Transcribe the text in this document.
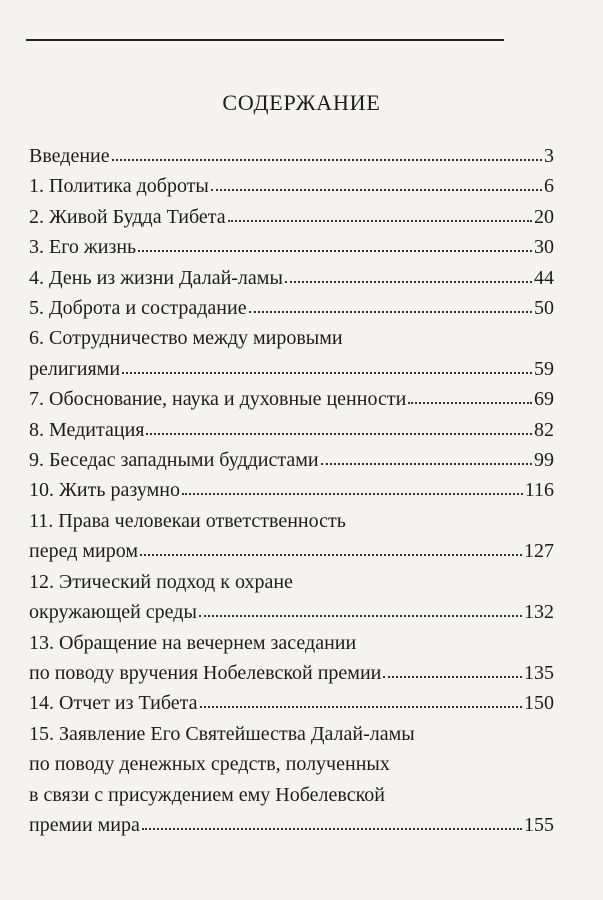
СОДЕРЖАНИЕ
Введение	3
1. Политика доброты	6
2. Живой Будда Тибета	20
3. Его жизнь	30
4. День из жизни Далай-ламы	44
5. Доброта и сострадание	50
6. Сотрудничество между мировыми
религиями	59
7. Обоснование, наука и духовные ценности	69
8. Медитация	82
9. Беседас западными буддистами	99
10. Жить разумно	116
11. Права человекаи ответственность
перед миром	127
12. Этический подход к охране
окружающей среды	132
13. Обращение на вечернем заседании
по поводу вручения Нобелевской премии	135
14. Отчет из Тибета	150
15. Заявление Его Святейшества Далай-ламы
по поводу денежных средств, полученных
в связи с присуждением ему Нобелевской
премии мира	155
